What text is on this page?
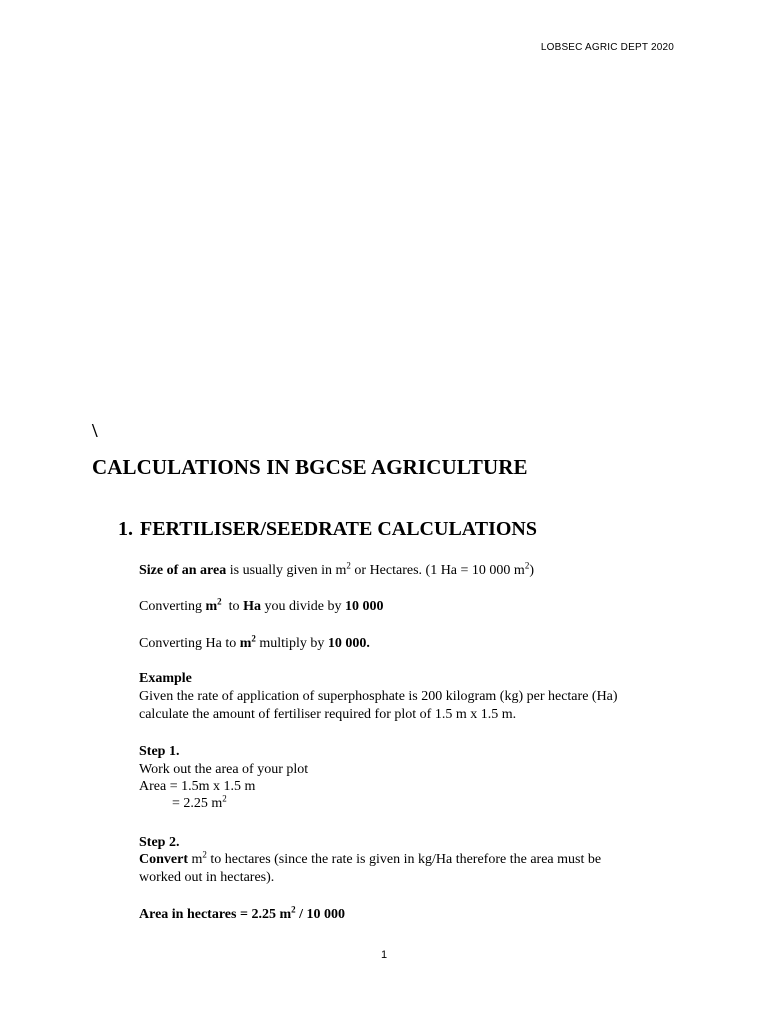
LOBSEC AGRIC DEPT 2020
\
CALCULATIONS IN BGCSE AGRICULTURE
1. FERTILISER/SEEDRATE CALCULATIONS
Size of an area is usually given in $m^2$ or Hectares. (1 Ha = 10 000 $m^2$)
Converting $m^2$  to Ha you divide by 10 000
Converting Ha to $m^2$ multiply by 10 000.
Example
Given the rate of application of superphosphate is 200 kilogram (kg) per hectare (Ha)
calculate the amount of fertiliser required for plot of 1.5 m x 1.5 m.
Step 1.
Work out the area of your plot
Area = 1.5m x 1.5 m
= 2.25 $m^2$
Step 2.
Convert $m^2$ to hectares (since the rate is given in kg/Ha therefore the area must be
worked out in hectares).
Area in hectares = 2.25 $m^2 / 10$ 000
1
